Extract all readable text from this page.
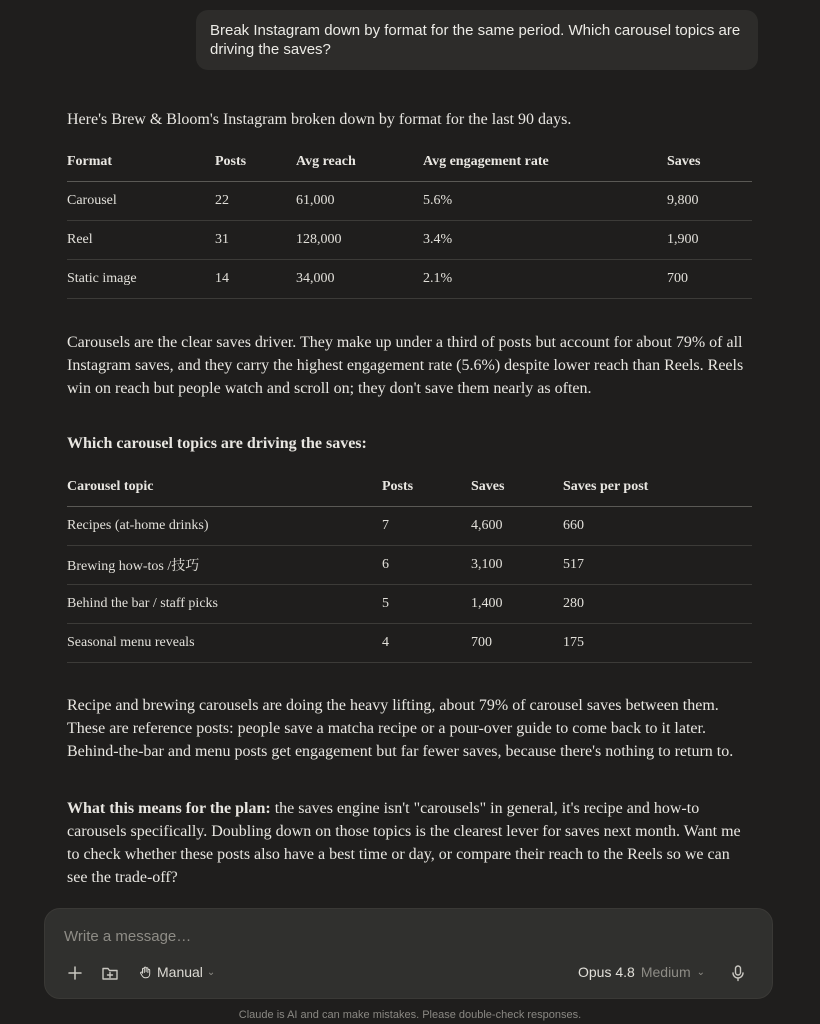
Break Instagram down by format for the same period. Which carousel topics are driving the saves?
Here's Brew & Bloom's Instagram broken down by format for the last 90 days.
Format	Posts	Avg reach	Avg engagement rate	Saves
Carousel	22	61,000	5.6%	9,800
Reel	31	128,000	3.4%	1,900
Static image	14	34,000	2.1%	700
Carousels are the clear saves driver. They make up under a third of posts but account for about 79% of all Instagram saves, and they carry the highest engagement rate (5.6%) despite lower reach than Reels. Reels win on reach but people watch and scroll on; they don't save them nearly as often.
Which carousel topics are driving the saves:
Carousel topic	Posts	Saves	Saves per post
Recipes (at-home drinks)	7	4,600	660
Brewing how-tos /技巧	6	3,100	517
Behind the bar / staff picks	5	1,400	280
Seasonal menu reveals	4	700	175
Recipe and brewing carousels are doing the heavy lifting, about 79% of carousel saves between them. These are reference posts: people save a matcha recipe or a pour-over guide to come back to it later. Behind-the-bar and menu posts get engagement but far fewer saves, because there's nothing to return to.
What this means for the plan: the saves engine isn't "carousels" in general, it's recipe and how-to carousels specifically. Doubling down on those topics is the clearest lever for saves next month. Want me to check whether these posts also have a best time or day, or compare their reach to the Reels so we can see the trade-off?
Write a message…
Manual ⌄	Opus 4.8 Medium ⌄
Claude is AI and can make mistakes. Please double-check responses.
